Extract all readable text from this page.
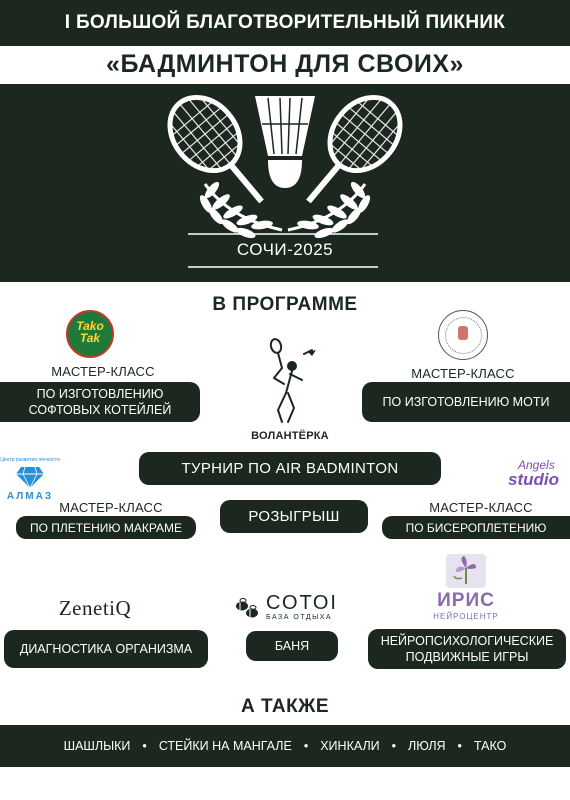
I БОЛЬШОЙ БЛАГОТВОРИТЕЛЬНЫЙ ПИКНИК
«БАДМИНТОН ДЛЯ СВОИХ»
СОЧИ-2025
В ПРОГРАММЕ
Tako
Tak
МАСТЕР-КЛАСС
ПО ИЗГОТОВЛЕНИЮ
СОФТОВЫХ КОТЕЙЛЕЙ
ВОЛАНТЁРКА
МАСТЕР-КЛАСС
ПО ИЗГОТОВЛЕНИЮ МОТИ
ТУРНИР ПО AIR BADMINTON
Центр развития личности
АЛМАЗ
МАСТЕР-КЛАСС
ПО ПЛЕТЕНИЮ МАКРАМЕ
РОЗЫГРЫШ
Angels
studio
МАСТЕР-КЛАСС
ПО БИСЕРОПЛЕТЕНИЮ
ZenetiQ
ДИАГНОСТИКА ОРГАНИЗМА
СОТОІ
БАЗА ОТДЫХА
БАНЯ
ИРИС
НЕЙРОЦЕНТР
НЕЙРОПСИХОЛОГИЧЕСКИЕ
ПОДВИЖНЫЕ ИГРЫ
А ТАКЖЕ
ШАШЛЫКИ • СТЕЙКИ НА МАНГАЛЕ • ХИНКАЛИ • ЛЮЛЯ • ТАКО
